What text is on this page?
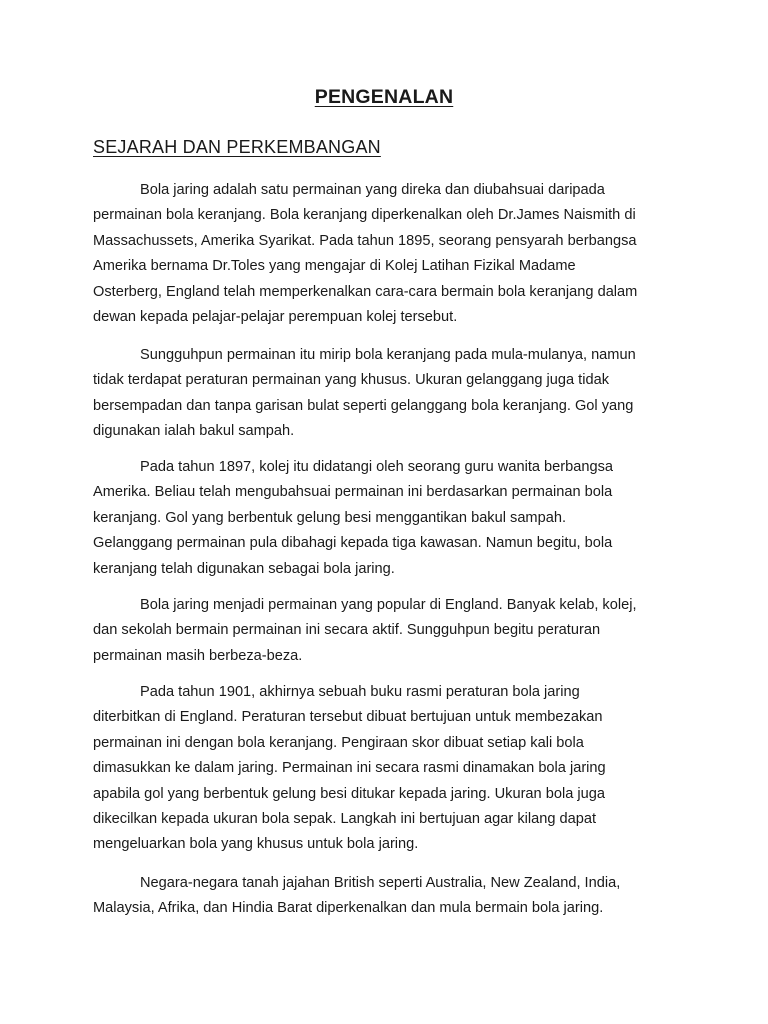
PENGENALAN
SEJARAH DAN PERKEMBANGAN

Bola jaring adalah satu permainan yang direka dan diubahsuai daripada
permainan bola keranjang. Bola keranjang diperkenalkan oleh Dr.James Naismith di
Massachussets, Amerika Syarikat. Pada tahun 1895, seorang pensyarah berbangsa
Amerika bernama Dr.Toles yang mengajar di Kolej Latihan Fizikal Madame
Osterberg, England telah memperkenalkan cara-cara bermain bola keranjang dalam
dewan kepada pelajar-pelajar perempuan kolej tersebut.

Sungguhpun permainan itu mirip bola keranjang pada mula-mulanya, namun
tidak terdapat peraturan permainan yang khusus. Ukuran gelanggang juga tidak
bersempadan dan tanpa garisan bulat seperti gelanggang bola keranjang. Gol yang
digunakan ialah bakul sampah.

Pada tahun 1897, kolej itu didatangi oleh seorang guru wanita berbangsa
Amerika. Beliau telah mengubahsuai permainan ini berdasarkan permainan bola
keranjang. Gol yang berbentuk gelung besi menggantikan bakul sampah.
Gelanggang permainan pula dibahagi kepada tiga kawasan. Namun begitu, bola
keranjang telah digunakan sebagai bola jaring.

Bola jaring menjadi permainan yang popular di England. Banyak kelab, kolej,
dan sekolah bermain permainan ini secara aktif. Sungguhpun begitu peraturan
permainan masih berbeza-beza.

Pada tahun 1901, akhirnya sebuah buku rasmi peraturan bola jaring
diterbitkan di England. Peraturan tersebut dibuat bertujuan untuk membezakan
permainan ini dengan bola keranjang. Pengiraan skor dibuat setiap kali bola
dimasukkan ke dalam jaring. Permainan ini secara rasmi dinamakan bola jaring
apabila gol yang berbentuk gelung besi ditukar kepada jaring. Ukuran bola juga
dikecilkan kepada ukuran bola sepak. Langkah ini bertujuan agar kilang dapat
mengeluarkan bola yang khusus untuk bola jaring.

Negara-negara tanah jajahan British seperti Australia, New Zealand, India,
Malaysia, Afrika, dan Hindia Barat diperkenalkan dan mula bermain bola jaring.
